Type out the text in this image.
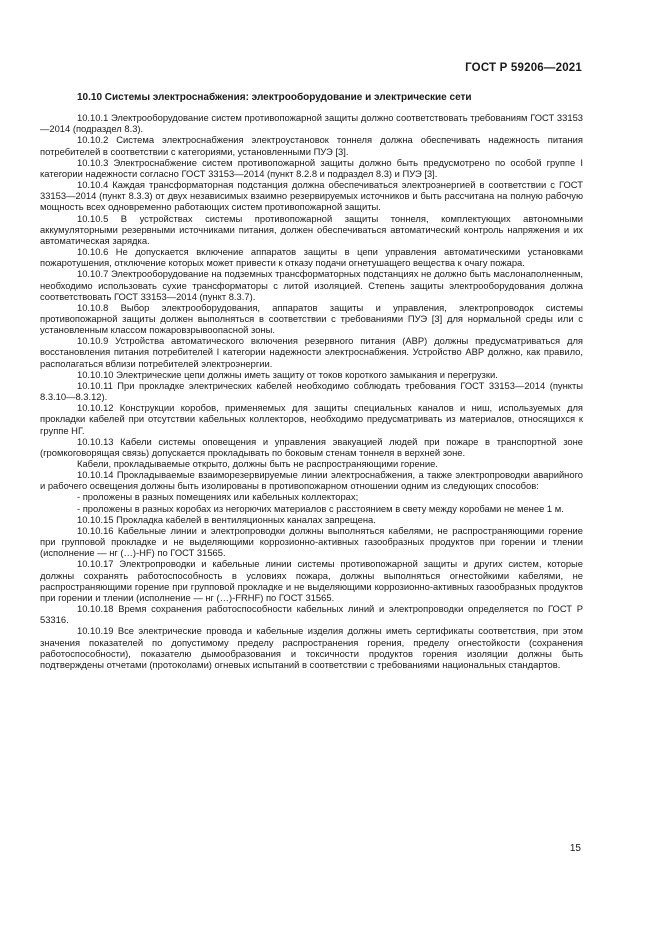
ГОСТ Р 59206—2021

10.10 Системы электроснабжения: электрооборудование и электрические сети

10.10.1 Электрооборудование систем противопожарной защиты должно соответствовать требованиям ГОСТ 33153—2014 (подраздел 8.3).

10.10.2 Система электроснабжения электроустановок тоннеля должна обеспечивать надежность питания потребителей в соответствии с категориями, установленными ПУЭ [3].

10.10.3 Электроснабжение систем противопожарной защиты должно быть предусмотрено по особой группе I категории надежности согласно ГОСТ 33153—2014 (пункт 8.2.8 и подраздел 8.3) и ПУЭ [3].

10.10.4 Каждая трансформаторная подстанция должна обеспечиваться электроэнергией в соответствии с ГОСТ 33153—2014 (пункт 8.3.3) от двух независимых взаимно резервируемых источников и быть рассчитана на полную рабочую мощность всех одновременно работающих систем противопожарной защиты.

10.10.5 В устройствах системы противопожарной защиты тоннеля, комплектующих автономными аккумуляторными резервными источниками питания, должен обеспечиваться автоматический контроль напряжения и их автоматическая зарядка.

10.10.6 Не допускается включение аппаратов защиты в цепи управления автоматическими установками пожаротушения, отключение которых может привести к отказу подачи огнетушащего вещества к очагу пожара.

10.10.7 Электрооборудование на подземных трансформаторных подстанциях не должно быть маслонаполненным, необходимо использовать сухие трансформаторы с литой изоляцией. Степень защиты электрооборудования должна соответствовать ГОСТ 33153—2014 (пункт 8.3.7).

10.10.8 Выбор электрооборудования, аппаратов защиты и управления, электропроводок системы противопожарной защиты должен выполняться в соответствии с требованиями ПУЭ [3] для нормальной среды или с установленным классом пожаровзрывоопасной зоны.

10.10.9 Устройства автоматического включения резервного питания (АВР) должны предусматриваться для восстановления питания потребителей I категории надежности электроснабжения. Устройство АВР должно, как правило, располагаться вблизи потребителей электроэнергии.

10.10.10 Электрические цепи должны иметь защиту от токов короткого замыкания и перегрузки.

10.10.11 При прокладке электрических кабелей необходимо соблюдать требования ГОСТ 33153—2014 (пункты 8.3.10—8.3.12).

10.10.12 Конструкции коробов, применяемых для защиты специальных каналов и ниш, используемых для прокладки кабелей при отсутствии кабельных коллекторов, необходимо предусматривать из материалов, относящихся к группе НГ.

10.10.13 Кабели системы оповещения и управления эвакуацией людей при пожаре в транспортной зоне (громкоговорящая связь) допускается прокладывать по боковым стенам тоннеля в верхней зоне.

Кабели, прокладываемые открыто, должны быть не распространяющими горение.

10.10.14 Прокладываемые взаиморезервируемые линии электроснабжения, а также электропроводки аварийного и рабочего освещения должны быть изолированы в противопожарном отношении одним из следующих способов:

- проложены в разных помещениях или кабельных коллекторах;

- проложены в разных коробах из негорючих материалов с расстоянием в свету между коробами не менее 1 м.

10.10.15 Прокладка кабелей в вентиляционных каналах запрещена.

10.10.16 Кабельные линии и электропроводки должны выполняться кабелями, не распространяющими горение при групповой прокладке и не выделяющими коррозионно-активных газообразных продуктов при горении и тлении (исполнение — нг (…)-HF) по ГОСТ 31565.

10.10.17 Электропроводки и кабельные линии системы противопожарной защиты и других систем, которые должны сохранять работоспособность в условиях пожара, должны выполняться огнестойкими кабелями, не распространяющими горение при групповой прокладке и не выделяющими коррозионно-активных газообразных продуктов при горении и тлении (исполнение — нг (…)-FRHF) по ГОСТ 31565.

10.10.18 Время сохранения работоспособности кабельных линий и электропроводки определяется по ГОСТ Р 53316.

10.10.19 Все электрические провода и кабельные изделия должны иметь сертификаты соответствия, при этом значения показателей по допустимому пределу распространения горения, пределу огнестойкости (сохранения работоспособности), показателю дымообразования и токсичности продуктов горения изоляции должны быть подтверждены отчетами (протоколами) огневых испытаний в соответствии с требованиями национальных стандартов.

15
